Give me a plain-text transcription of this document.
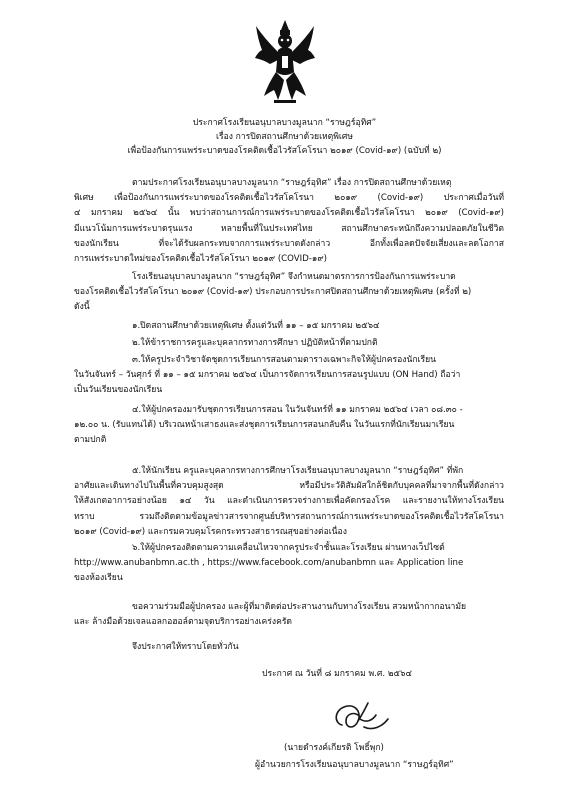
ประกาศโรงเรียนอนุบาลบางมูลนาก “ราษฎร์อุทิศ”
เรื่อง การปิดสถานศึกษาด้วยเหตุพิเศษ
เพื่อป้องกันการแพร่ระบาดของโรคติดเชื้อไวรัสโคโรนา ๒๐๑๙ (Covid-๑๙) (ฉบับที่ ๒)
ตามประกาศโรงเรียนอนุบาลบางมูลนาก “ราษฎร์อุทิศ” เรื่อง การปิดสถานศึกษาด้วยเหตุ
พิเศษ เพื่อป้องกันการแพร่ระบาดของโรคติดเชื้อไวรัสโคโรนา ๒๐๑๙ (Covid-๑๙) ประกาศเมื่อวันที่
๔ มกราคม ๒๕๖๔ นั้น พบว่าสถานการณ์การแพร่ระบาดของโรคติดเชื้อไวรัสโคโรนา ๒๐๑๙ (Covid-๑๙)
มีแนวโน้มการแพร่ระบาดรุนแรง หลายพื้นที่ในประเทศไทย สถานศึกษาตระหนักถึงความปลอดภัยในชีวิต
ของนักเรียน ที่จะได้รับผลกระทบจากการแพร่ระบาดดังกล่าว อีกทั้งเพื่อลดปัจจัยเสี่ยงและลดโอกาส
การแพร่ระบาดใหม่ของโรคติดเชื้อไวรัสโคโรนา ๒๐๑๙ (COVID-๑๙)
โรงเรียนอนุบาลบางมูลนาก “ราษฎร์อุทิศ” จึงกำหนดมาตรการการป้องกันการแพร่ระบาด
ของโรคติดเชื้อไวรัสโคโรนา ๒๐๑๙ (Covid-๑๙) ประกอบการประกาศปิดสถานศึกษาด้วยเหตุพิเศษ (ครั้งที่ ๒)
ดังนี้
๑.ปิดสถานศึกษาด้วยเหตุพิเศษ ตั้งแต่วันที่ ๑๑ – ๑๕ มกราคม ๒๕๖๔
๒.ให้ข้าราชการครูและบุคลากรทางการศึกษา ปฏิบัติหน้าที่ตามปกติ
๓.ให้ครูประจำวิชาจัดชุดการเรียนการสอนตามตารางเฉพาะกิจให้ผู้ปกครองนักเรียน
ในวันจันทร์ – วันศุกร์ ที่ ๑๑ – ๑๕ มกราคม ๒๕๖๔ เป็นการจัดการเรียนการสอนรูปแบบ (ON Hand) ถือว่า
เป็นวันเรียนของนักเรียน
๔.ให้ผู้ปกครองมารับชุดการเรียนการสอน ในวันจันทร์ที่ ๑๑ มกราคม ๒๕๖๔ เวลา ๐๘.๓๐ -
๑๒.๐๐ น. (รับแทนได้) บริเวณหน้าเสาธงและส่งชุดการเรียนการสอนกลับคืน ในวันแรกที่นักเรียนมาเรียน
ตามปกติ
๕.ให้นักเรียน ครูและบุคลากรทางการศึกษาโรงเรียนอนุบาลบางมูลนาก “ราษฎร์อุทิศ” ที่พัก
อาศัยและเดินทางไปในพื้นที่ควบคุมสูงสุด หรือมีประวัติสัมผัสใกล้ชิดกับบุคคลที่มาจากพื้นที่ดังกล่าว
ให้สังเกตอาการอย่างน้อย ๑๔ วัน และดำเนินการตรวจร่างกายเพื่อคัดกรองโรค และรายงานให้ทางโรงเรียน
ทราบ รวมถึงติดตามข้อมูลข่าวสารจากศูนย์บริหารสถานการณ์การแพร่ระบาดของโรคติดเชื้อไวรัสโคโรนา
๒๐๑๙ (Covid-๑๙) และกรมควบคุมโรคกระทรวงสาธารณสุขอย่างต่อเนื่อง
๖.ให้ผู้ปกครองติดตามความเคลื่อนไหวจากครูประจำชั้นและโรงเรียน ผ่านทางเว็ปไซต์
http://www.anubanbmn.ac.th , https://www.facebook.com/anubanbmn และ Application line
ของห้องเรียน
ขอความร่วมมือผู้ปกครอง และผู้ที่มาติดต่อประสานงานกับทางโรงเรียน สวมหน้ากากอนามัย
และ ล้างมือด้วยเจลแอลกอฮอล์ตามจุดบริการอย่างเคร่งครัด
จึงประกาศให้ทราบโดยทั่วกัน
ประกาศ ณ วันที่ ๘ มกราคม พ.ศ. ๒๕๖๔
(นายดำรงค์เกียรติ โพธิ์พุก)
ผู้อำนวยการโรงเรียนอนุบาลบางมูลนาก “ราษฎร์อุทิศ”
